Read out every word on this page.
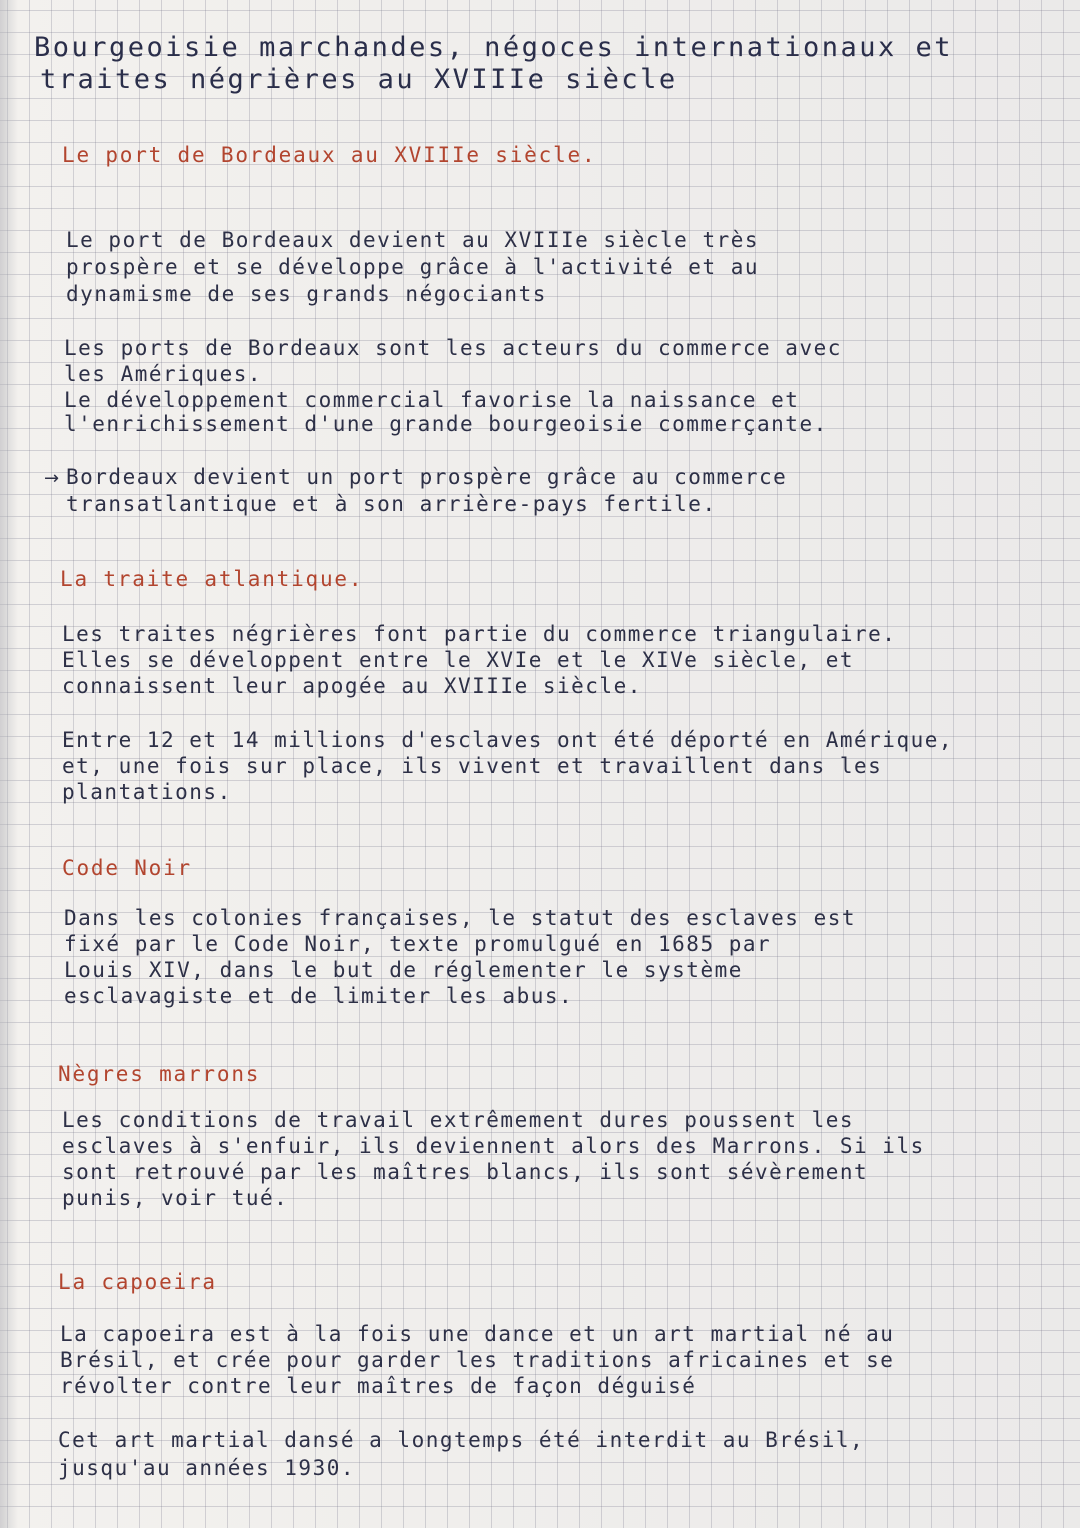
Bourgeoisie marchandes, négoces internationaux et
traites négrières au XVIIIe siècle
Le port de Bordeaux au XVIIIe siècle.
Le port de Bordeaux devient au XVIIIe siècle très
prospère et se développe grâce à l'activité et au
dynamisme de ses grands négociants
Les ports de Bordeaux sont les acteurs du commerce avec
les Amériques.
Le développement commercial favorise la naissance et
l'enrichissement d'une grande bourgeoisie commerçante.
→ Bordeaux devient un port prospère grâce au commerce
transatlantique et à son arrière-pays fertile.
La traite atlantique.
Les traites négrières font partie du commerce triangulaire.
Elles se développent entre le XVIe et le XIVe siècle, et
connaissent leur apogée au XVIIIe siècle.
Entre 12 et 14 millions d'esclaves ont été déporté en Amérique,
et, une fois sur place, ils vivent et travaillent dans les
plantations.
Code Noir
Dans les colonies françaises, le statut des esclaves est
fixé par le Code Noir, texte promulgué en 1685 par
Louis XIV, dans le but de réglementer le système
esclavagiste et de limiter les abus.
Nègres marrons
Les conditions de travail extrêmement dures poussent les
esclaves à s'enfuir, ils deviennent alors des Marrons. Si ils
sont retrouvé par les maîtres blancs, ils sont sévèrement
punis, voir tué.
La capoeira
La capoeira est à la fois une dance et un art martial né au
Brésil, et crée pour garder les traditions africaines et se
révolter contre leur maîtres de façon déguisé
Cet art martial dansé a longtemps été interdit au Brésil,
jusqu'au années 1930.
